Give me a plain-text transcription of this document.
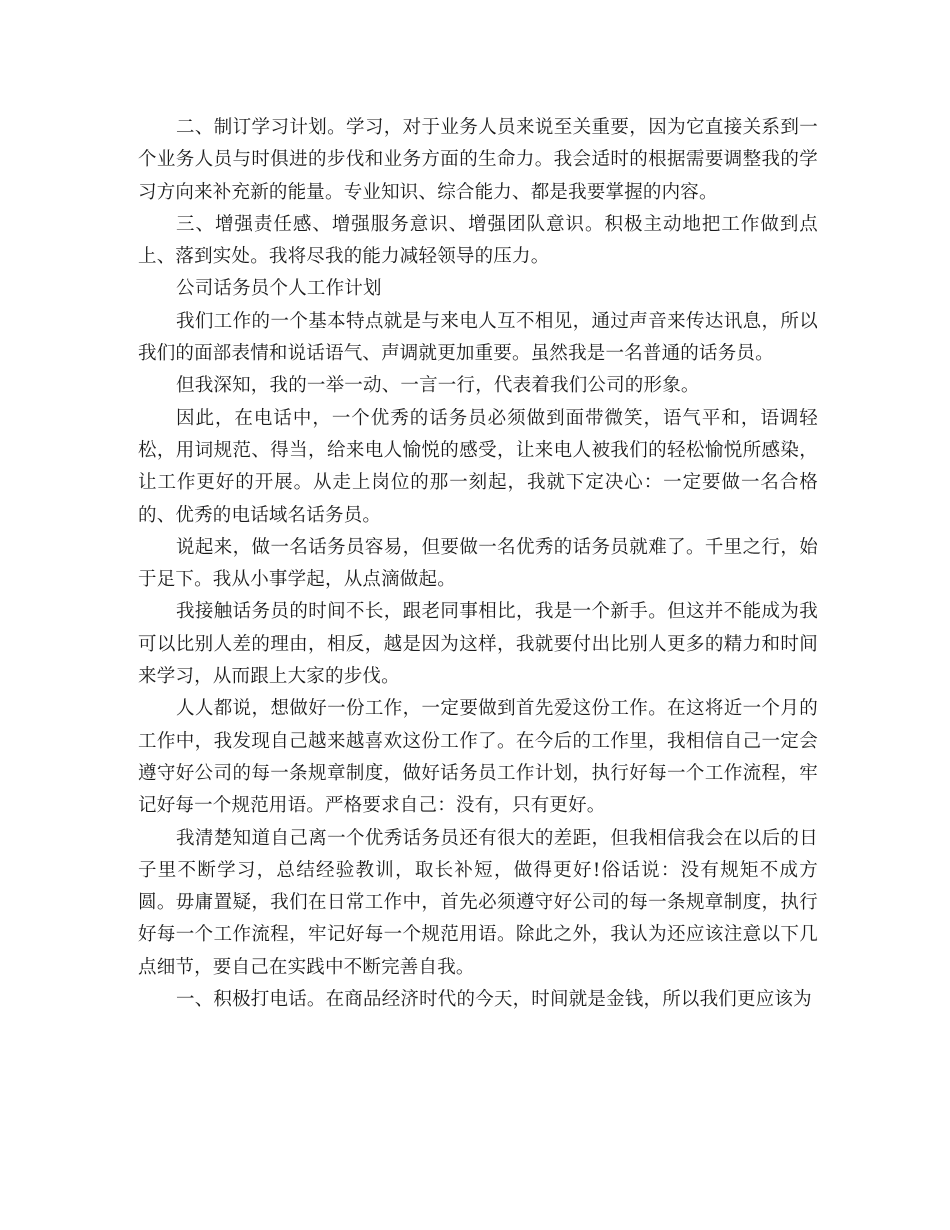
二、制订学习计划。学习，对于业务人员来说至关重要，因为它直接关系到一个业务人员与时俱进的步伐和业务方面的生命力。我会适时的根据需要调整我的学习方向来补充新的能量。专业知识、综合能力、都是我要掌握的内容。

三、增强责任感、增强服务意识、增强团队意识。积极主动地把工作做到点上、落到实处。我将尽我的能力减轻领导的压力。

公司话务员个人工作计划

我们工作的一个基本特点就是与来电人互不相见，通过声音来传达讯息，所以我们的面部表情和说话语气、声调就更加重要。虽然我是一名普通的话务员。

但我深知，我的一举一动、一言一行，代表着我们公司的形象。

因此，在电话中，一个优秀的话务员必须做到面带微笑，语气平和，语调轻松，用词规范、得当，给来电人愉悦的感受，让来电人被我们的轻松愉悦所感染，让工作更好的开展。从走上岗位的那一刻起，我就下定决心：一定要做一名合格的、优秀的电话域名话务员。

说起来，做一名话务员容易，但要做一名优秀的话务员就难了。千里之行，始于足下。我从小事学起，从点滴做起。

我接触话务员的时间不长，跟老同事相比，我是一个新手。但这并不能成为我可以比别人差的理由，相反，越是因为这样，我就要付出比别人更多的精力和时间来学习，从而跟上大家的步伐。

人人都说，想做好一份工作，一定要做到首先爱这份工作。在这将近一个月的工作中，我发现自己越来越喜欢这份工作了。在今后的工作里，我相信自己一定会遵守好公司的每一条规章制度，做好话务员工作计划，执行好每一个工作流程，牢记好每一个规范用语。严格要求自己：没有，只有更好。

我清楚知道自己离一个优秀话务员还有很大的差距，但我相信我会在以后的日子里不断学习，总结经验教训，取长补短，做得更好!俗话说：没有规矩不成方圆。毋庸置疑，我们在日常工作中，首先必须遵守好公司的每一条规章制度，执行好每一个工作流程，牢记好每一个规范用语。除此之外，我认为还应该注意以下几点细节，要自己在实践中不断完善自我。

一、积极打电话。在商品经济时代的今天，时间就是金钱，所以我们更应该为
